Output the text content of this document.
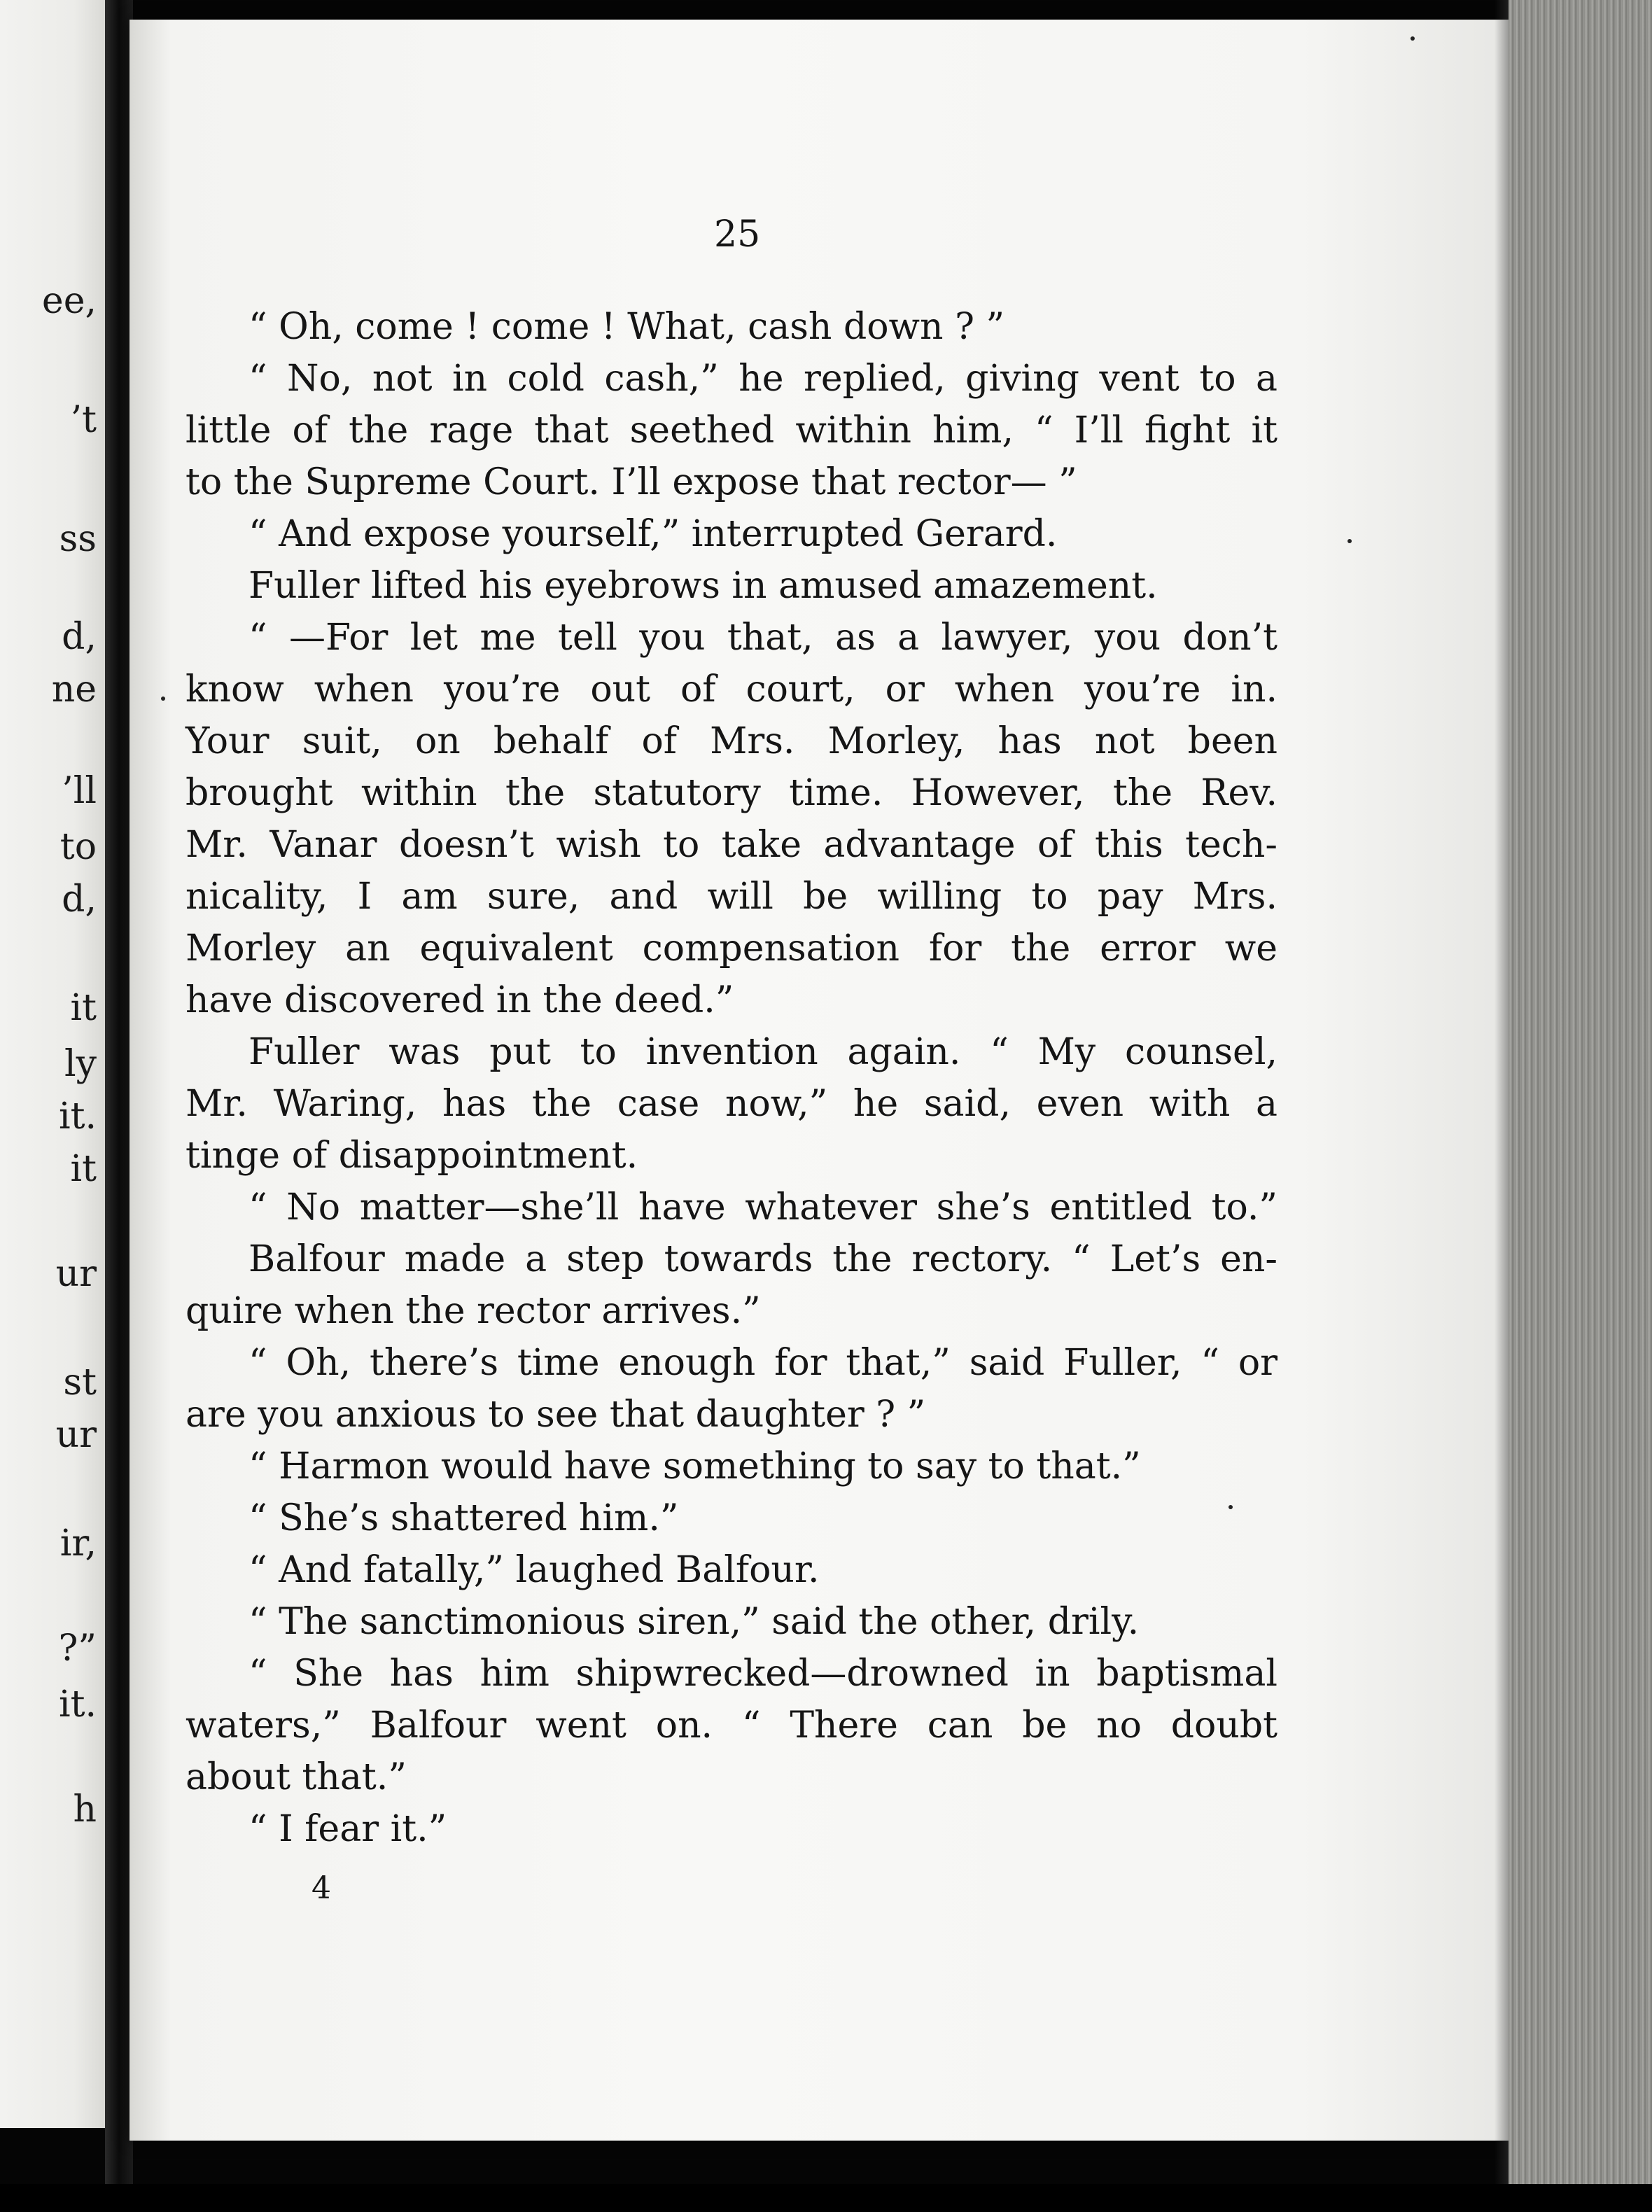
ee,
’t
ss
d,
ne
’ll
to
d,
it
ly
it.
it
ur
st
ur
ir,
?”
it.
h
25
“ Oh, come ! come ! What, cash down ? ”
“ No, not in cold cash,” he replied, giving vent to a
little of the rage that seethed within him, “ I’ll fight it
to the Supreme Court. I’ll expose that rector— ”
“ And expose yourself,” interrupted Gerard.
Fuller lifted his eyebrows in amused amazement.
“ —For let me tell you that, as a lawyer, you don’t
know when you’re out of court, or when you’re in.
Your suit, on behalf of Mrs. Morley, has not been
brought within the statutory time. However, the Rev.
Mr. Vanar doesn’t wish to take advantage of this tech-
nicality, I am sure, and will be willing to pay Mrs.
Morley an equivalent compensation for the error we
have discovered in the deed.”
Fuller was put to invention again. “ My counsel,
Mr. Waring, has the case now,” he said, even with a
tinge of disappointment.
“ No matter—she’ll have whatever she’s entitled to.”
Balfour made a step towards the rectory. “ Let’s en-
quire when the rector arrives.”
“ Oh, there’s time enough for that,” said Fuller, “ or
are you anxious to see that daughter ? ”
“ Harmon would have something to say to that.”
“ She’s shattered him.”
“ And fatally,” laughed Balfour.
“ The sanctimonious siren,” said the other, drily.
“ She has him shipwrecked—drowned in baptismal
waters,” Balfour went on. “ There can be no doubt
about that.”
“ I fear it.”
4
